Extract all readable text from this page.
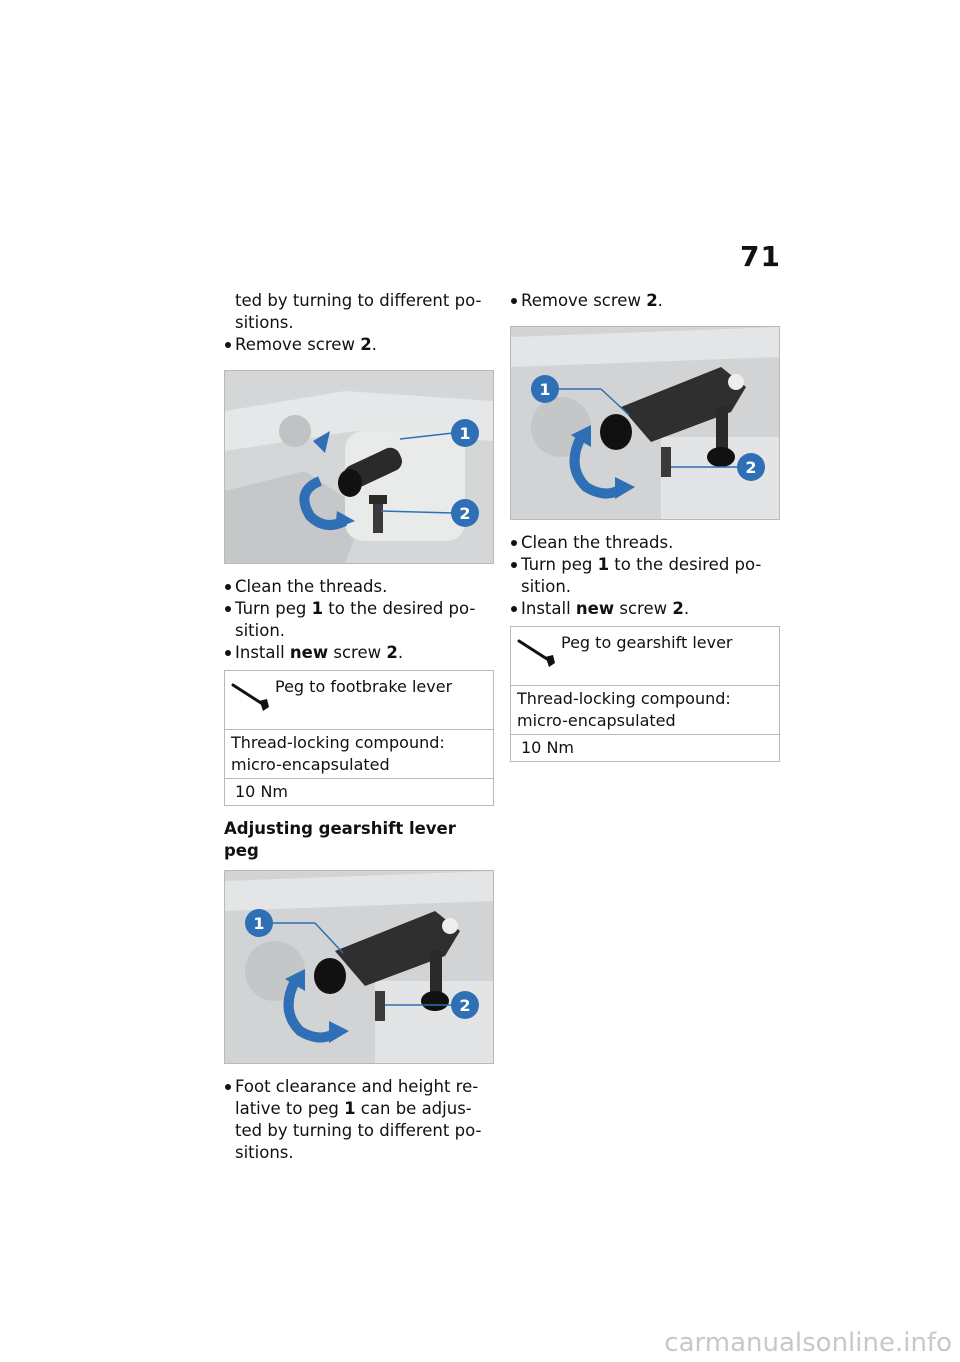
71

ted by turning to different po-

sitions.

Remove screw 2.
1
2
Clean the threads.
Turn peg 1 to the desired po-

sition.

Install new screw 2.
Peg to footbrake lever
Thread-locking compound:
micro-encapsulated
10 Nm
Adjusting gearshift lever peg
1
2
Foot clearance and height re-

lative to peg 1 can be adjus-

ted by turning to different po-

sitions.

Remove screw 2.
1
2
Clean the threads.
Turn peg 1 to the desired po-

sition.

Install new screw 2.
Peg to gearshift lever
Thread-locking compound:
micro-encapsulated
10 Nm
carmanualsonline.info
